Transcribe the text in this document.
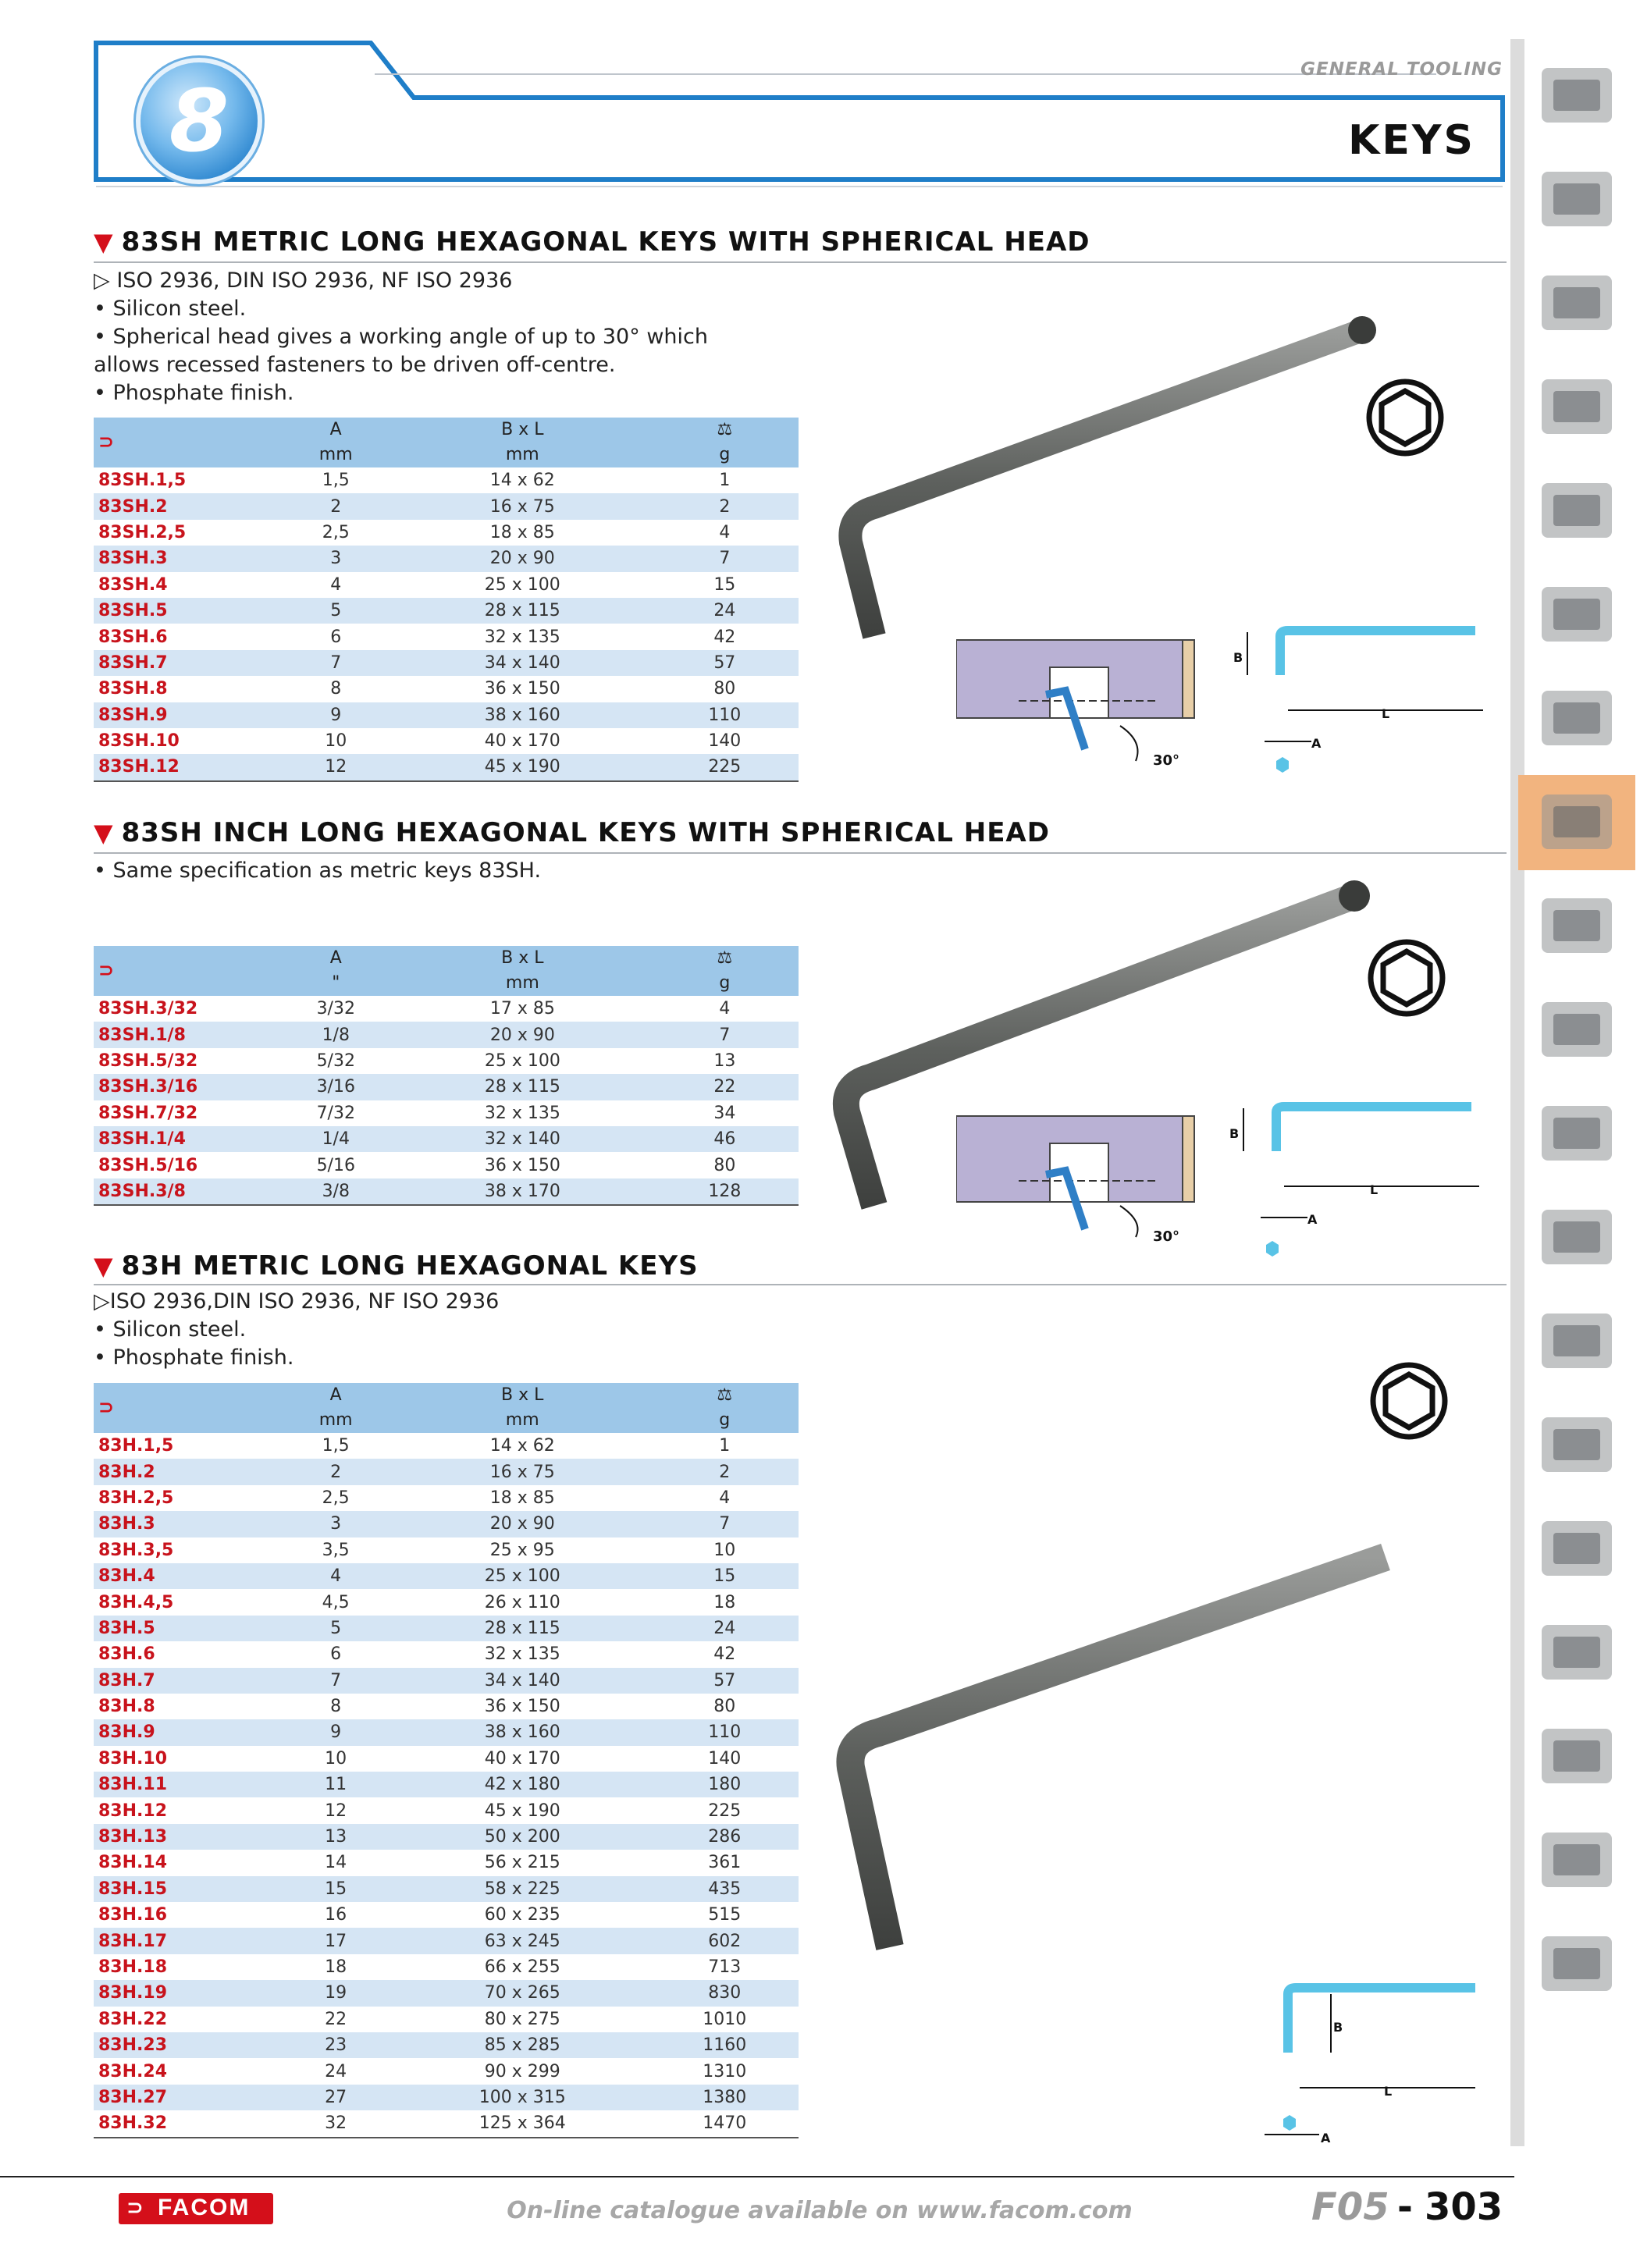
8
GENERAL TOOLING
KEYS
▼ 83SH METRIC LONG HEXAGONAL KEYS WITH SPHERICAL HEAD
▷ ISO 2936, DIN ISO 2936, NF ISO 2936
• Silicon steel.
• Spherical head gives a working angle of up to 30° which
allows recessed fasteners to be driven off-centre.
• Phosphate finish.
⊃	A	B x L	⚖
	mm	mm	g
83SH.1,5	1,5	14 x 62	1
83SH.2	2	16 x 75	2
83SH.2,5	2,5	18 x 85	4
83SH.3	3	20 x 90	7
83SH.4	4	25 x 100	15
83SH.5	5	28 x 115	24
83SH.6	6	32 x 135	42
83SH.7	7	34 x 140	57
83SH.8	8	36 x 150	80
83SH.9	9	38 x 160	110
83SH.10	10	40 x 170	140
83SH.12	12	45 x 190	225	30°
B
L
A
▼ 83SH INCH LONG HEXAGONAL KEYS WITH SPHERICAL HEAD
• Same specification as metric keys 83SH.
⊃	A	B x L	⚖
	"	mm	g
83SH.3/32	3/32	17 x 85	4
83SH.1/8	1/8	20 x 90	7
83SH.5/32	5/32	25 x 100	13
83SH.3/16	3/16	28 x 115	22
83SH.7/32	7/32	32 x 135	34
83SH.1/4	1/4	32 x 140	46
83SH.5/16	5/16	36 x 150	80
83SH.3/8	3/8	38 x 170	128
30°
B
L
A
▼ 83H METRIC LONG HEXAGONAL KEYS
▷ISO 2936,DIN ISO 2936, NF ISO 2936
• Silicon steel.
• Phosphate finish.
⊃	A	B x L	⚖
	mm	mm	g
83H.1,5	1,5	14 x 62	1
83H.2	2	16 x 75	2
83H.2,5	2,5	18 x 85	4
83H.3	3	20 x 90	7
83H.3,5	3,5	25 x 95	10
83H.4	4	25 x 100	15
83H.4,5	4,5	26 x 110	18
83H.5	5	28 x 115	24
83H.6	6	32 x 135	42
83H.7	7	34 x 140	57
83H.8	8	36 x 150	80
83H.9	9	38 x 160	110
83H.10	10	40 x 170	140
83H.11	11	42 x 180	180
83H.12	12	45 x 190	225
83H.13	13	50 x 200	286
83H.14	14	56 x 215	361
83H.15	15	58 x 225	435
83H.16	16	60 x 235	515
83H.17	17	63 x 245	602
83H.18	18	66 x 255	713
83H.19	19	70 x 265	830
83H.22	22	80 x 275	1010
83H.23	23	85 x 285	1160
83H.24	24	90 x 299	1310
83H.27	27	100 x 315	1380
83H.32	32	125 x 364	1470
B
L
A
⊃ FACOM	On-line catalogue available on www.facom.com	F05 - 303
